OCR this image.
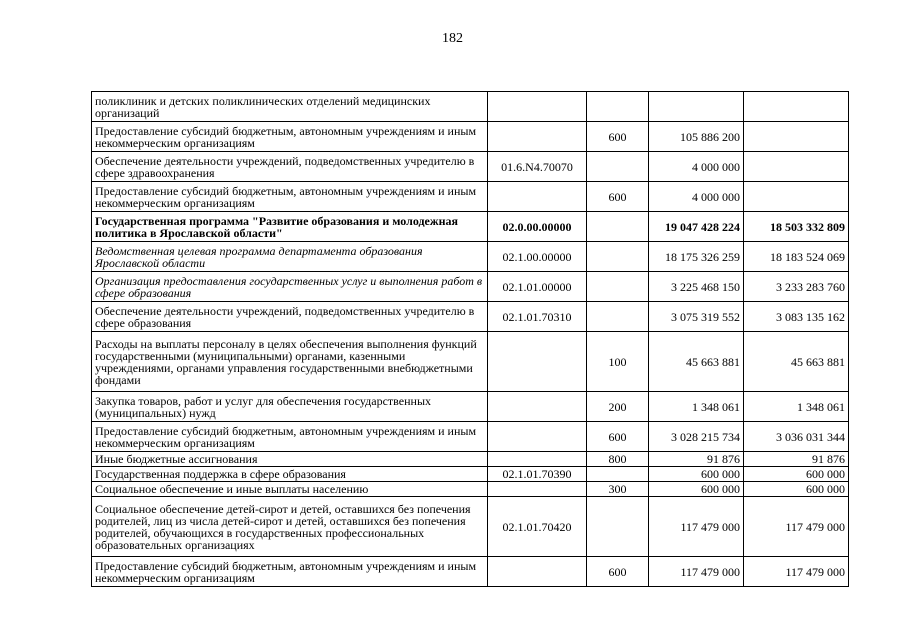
182
поликлиник и детских поликлинических отделений медицинских организаций				
Предоставление субсидий бюджетным, автономным учреждениям и иным некоммерческим организациям		600	105 886 200	
Обеспечение деятельности учреждений, подведомственных учредителю в сфере здравоохранения	01.6.N4.70070		4 000 000	
Предоставление субсидий бюджетным, автономным учреждениям и иным некоммерческим организациям		600	4 000 000	
Государственная программа "Развитие образования и молодежная политика в Ярославской области"	02.0.00.00000		19 047 428 224	18 503 332 809
Ведомственная целевая программа департамента образования Ярославской области	02.1.00.00000		18 175 326 259	18 183 524 069
Организация предоставления государственных услуг и выполнения работ в сфере образования	02.1.01.00000		3 225 468 150	3 233 283 760
Обеспечение деятельности учреждений, подведомственных учредителю в сфере образования	02.1.01.70310		3 075 319 552	3 083 135 162
Расходы на выплаты персоналу в целях обеспечения выполнения функций государственными (муниципальными) органами, казенными учреждениями, органами управления государственными внебюджетными фондами		100	45 663 881	45 663 881
Закупка товаров, работ и услуг для обеспечения государственных (муниципальных) нужд		200	1 348 061	1 348 061
Предоставление субсидий бюджетным, автономным учреждениям и иным некоммерческим организациям		600	3 028 215 734	3 036 031 344
Иные бюджетные ассигнования		800	91 876	91 876
Государственная поддержка в сфере образования	02.1.01.70390		600 000	600 000
Социальное обеспечение и иные выплаты населению		300	600 000	600 000
Социальное обеспечение детей-сирот и детей, оставшихся без попечения родителей, лиц из числа детей-сирот и детей, оставшихся без попечения родителей, обучающихся в государственных профессиональных образовательных организациях	02.1.01.70420		117 479 000	117 479 000
Предоставление субсидий бюджетным, автономным учреждениям и иным некоммерческим организациям		600	117 479 000	117 479 000
